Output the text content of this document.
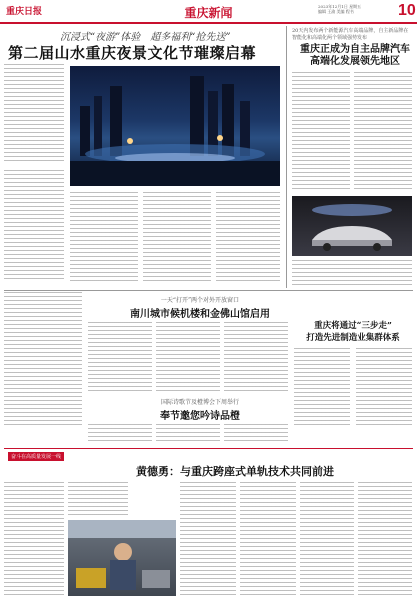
重庆日报	重庆新闻	2023年12月1日 星期五
编辑 王渝 美编 程书	10
沉浸式“夜游”体验　超多福利“抢先送”
第二届山水重庆夜景文化节璀璨启幕
20天内发布两个新能源汽车高端品牌，自主新品牌在智能化和高端化两个领域强势发布
重庆正成为自主品牌汽车
高端化发展领先地区
一天“打开”两个对外开放窗口
南川城市候机楼和金佛山馆启用
重庆将通过“三步走”
打造先进制造业集群体系
国际诗歌节及橙博会下周举行
奉节邀您吟诗品橙
奋斗在高质量发展一线
黄德勇：与重庆跨座式单轨技术共同前进
